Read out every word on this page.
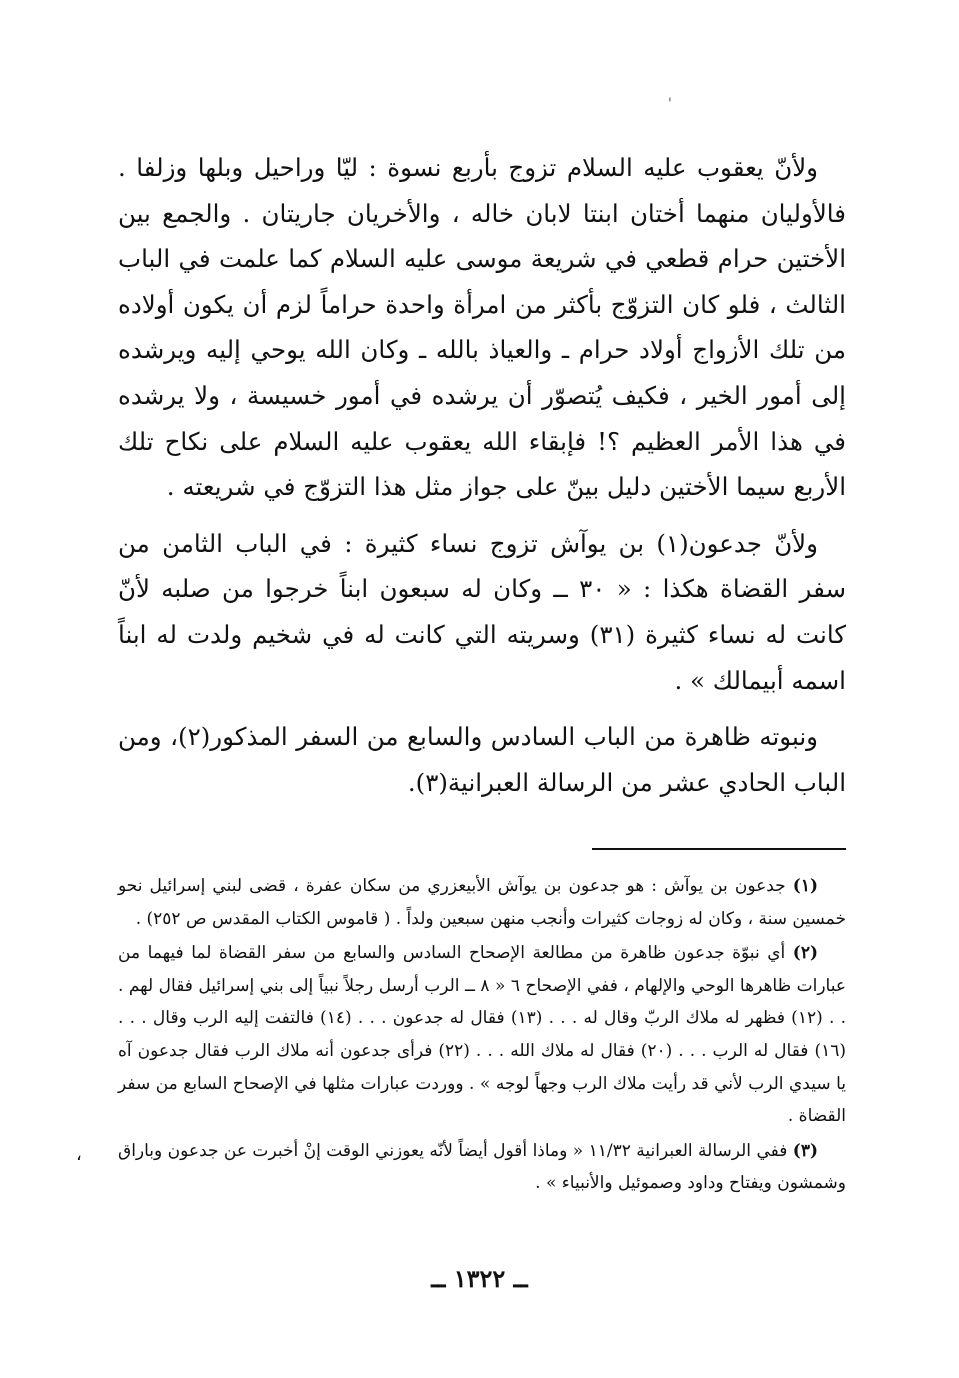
'

ولأنّ يعقوب عليه السلام تزوج بأربع نسوة : ليّا وراحيل وبلها وزلفا . فالأوليان منهما أختان ابنتا لابان خاله ، والأخريان جاريتان . والجمع بين الأختين حرام قطعي في شريعة موسى عليه السلام كما علمت في الباب الثالث ، فلو كان التزوّج بأكثر من امرأة واحدة حراماً لزم أن يكون أولاده من تلك الأزواج أولاد حرام ـ والعياذ بالله ـ وكان الله يوحي إليه ويرشده إلى أمور الخير ، فكيف يُتصوّر أن يرشده في أمور خسيسة ، ولا يرشده في هذا الأمر العظيم ؟! فإبقاء الله يعقوب عليه السلام على نكاح تلك الأربع سيما الأختين دليل بينّ على جواز مثل هذا التزوّج في شريعته .

ولأنّ جدعون(١) بن يوآش تزوج نساء كثيرة : في الباب الثامن من سفر القضاة هكذا : « ٣٠ ــ وكان له سبعون ابناً خرجوا من صلبه لأنّ كانت له نساء كثيرة (٣١) وسريته التي كانت له في شخيم ولدت له ابناً اسمه أبيمالك » .

ونبوته ظاهرة من الباب السادس والسابع من السفر المذكور(٢)، ومن الباب الحادي عشر من الرسالة العبرانية(٣).

(١) جدعون بن يوآش : هو جدعون بن يوآش الأبيعزري من سكان عفرة ، قضى لبني إسرائيل نحو خمسين سنة ، وكان له زوجات كثيرات وأنجب منهن سبعين ولداً . ( قاموس الكتاب المقدس ص ٢٥٢) .

(٢) أي نبوّة جدعون ظاهرة من مطالعة الإصحاح السادس والسابع من سفر القضاة لما فيهما من عبارات ظاهرها الوحي والإلهام ، ففي الإصحاح ٦ « ٨ ــ الرب أرسل رجلاً نبياً إلى بني إسرائيل فقال لهم . . . (١٢) فظهر له ملاك الربّ وقال له . . . (١٣) فقال له جدعون . . . (١٤) فالتفت إليه الرب وقال . . . (١٦) فقال له الرب . . . (٢٠) فقال له ملاك الله . . . (٢٢) فرأى جدعون أنه ملاك الرب فقال جدعون آه يا سيدي الرب لأني قد رأيت ملاك الرب وجهاً لوجه » . ووردت عبارات مثلها في الإصحاح السابع من سفر القضاة .

(٣) ففي الرسالة العبرانية ١١/٣٢ « وماذا أقول أيضاً لأنّه يعوزني الوقت إنْ أخبرت عن جدعون وباراق وشمشون ويفتاح وداود وصموئيل والأنبياء » .

،
ــ ١٣٢٢ ــ
